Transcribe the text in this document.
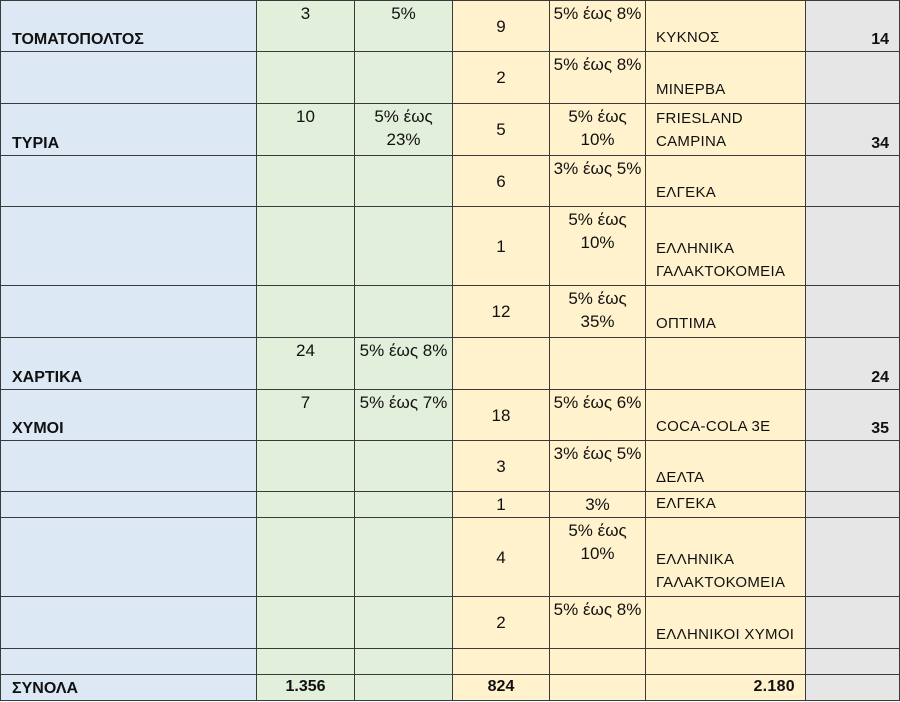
ΤΟΜΑΤΟΠΟΛΤΟΣ	3	5%	9	5% έως 8%	ΚΥΚΝΟΣ	14
			2	5% έως 8%	ΜΙΝΕΡΒΑ	
ΤΥΡΙΑ	10	5% έως 23%	5	5% έως 10%	FRIESLAND CAMPINA	34
			6	3% έως 5%	ΕΛΓΕΚΑ	
			1	5% έως 10%	ΕΛΛΗΝΙΚΑ ΓΑΛΑΚΤΟΚΟΜΕΙΑ	
			12	5% έως 35%	ΟΠΤΙΜΑ	
ΧΑΡΤΙΚΑ	24	5% έως 8%				24
ΧΥΜΟΙ	7	5% έως 7%	18	5% έως 6%	COCA-COLA 3E	35
			3	3% έως 5%	ΔΕΛΤΑ	
			1	3%	ΕΛΓΕΚΑ	
			4	5% έως 10%	ΕΛΛΗΝΙΚΑ ΓΑΛΑΚΤΟΚΟΜΕΙΑ	
			2	5% έως 8%	ΕΛΛΗΝΙΚΟΙ ΧΥΜΟΙ	

ΣΥΝΟΛΑ	1.356		824		2.180	
